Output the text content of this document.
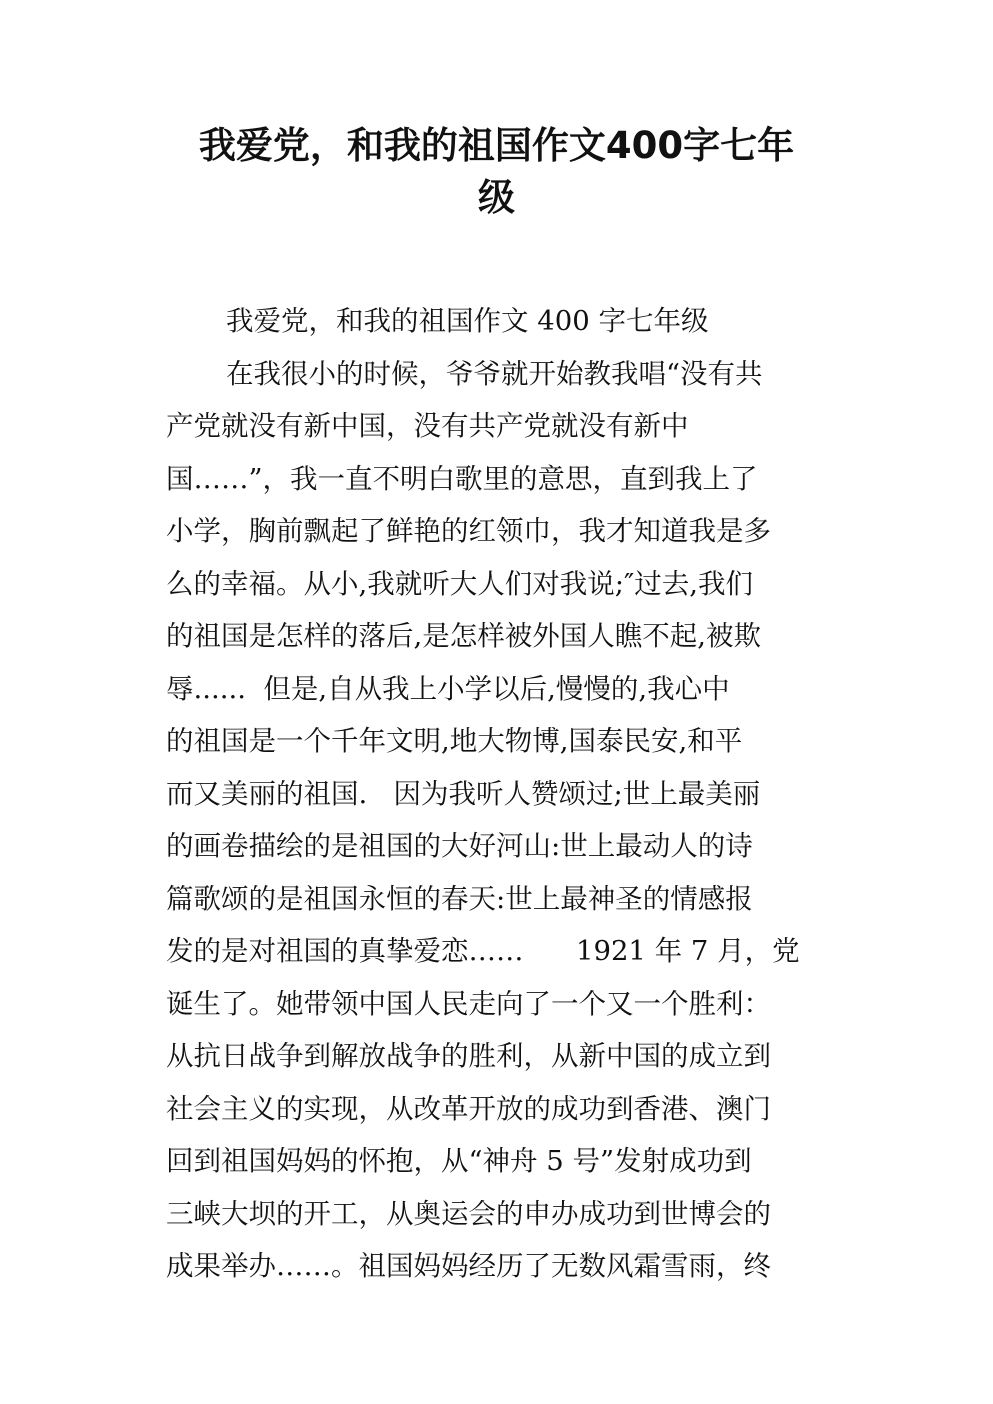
我爱党，和我的祖国作文400字七年
级
我爱党，和我的祖国作文 400 字七年级
在我很小的时候，爷爷就开始教我唱“没有共
产党就没有新中国，没有共产党就没有新中
国……”，我一直不明白歌里的意思，直到我上了
小学，胸前飘起了鲜艳的红领巾，我才知道我是多
么的幸福。从小,我就听大人们对我说;″过去,我们
的祖国是怎样的落后,是怎样被外国人瞧不起,被欺
辱......  但是,自从我上小学以后,慢慢的,我心中
的祖国是一个千年文明,地大物博,国泰民安,和平
而又美丽的祖国.   因为我听人赞颂过;世上最美丽
的画卷描绘的是祖国的大好河山:世上最动人的诗
篇歌颂的是祖国永恒的春天:世上最神圣的情感报
发的是对祖国的真挚爱恋……      1921 年 7 月，党
诞生了。她带领中国人民走向了一个又一个胜利：
从抗日战争到解放战争的胜利，从新中国的成立到
社会主义的实现，从改革开放的成功到香港、澳门
回到祖国妈妈的怀抱，从“神舟 5 号”发射成功到
三峡大坝的开工，从奥运会的申办成功到世博会的
成果举办……。祖国妈妈经历了无数风霜雪雨，终
